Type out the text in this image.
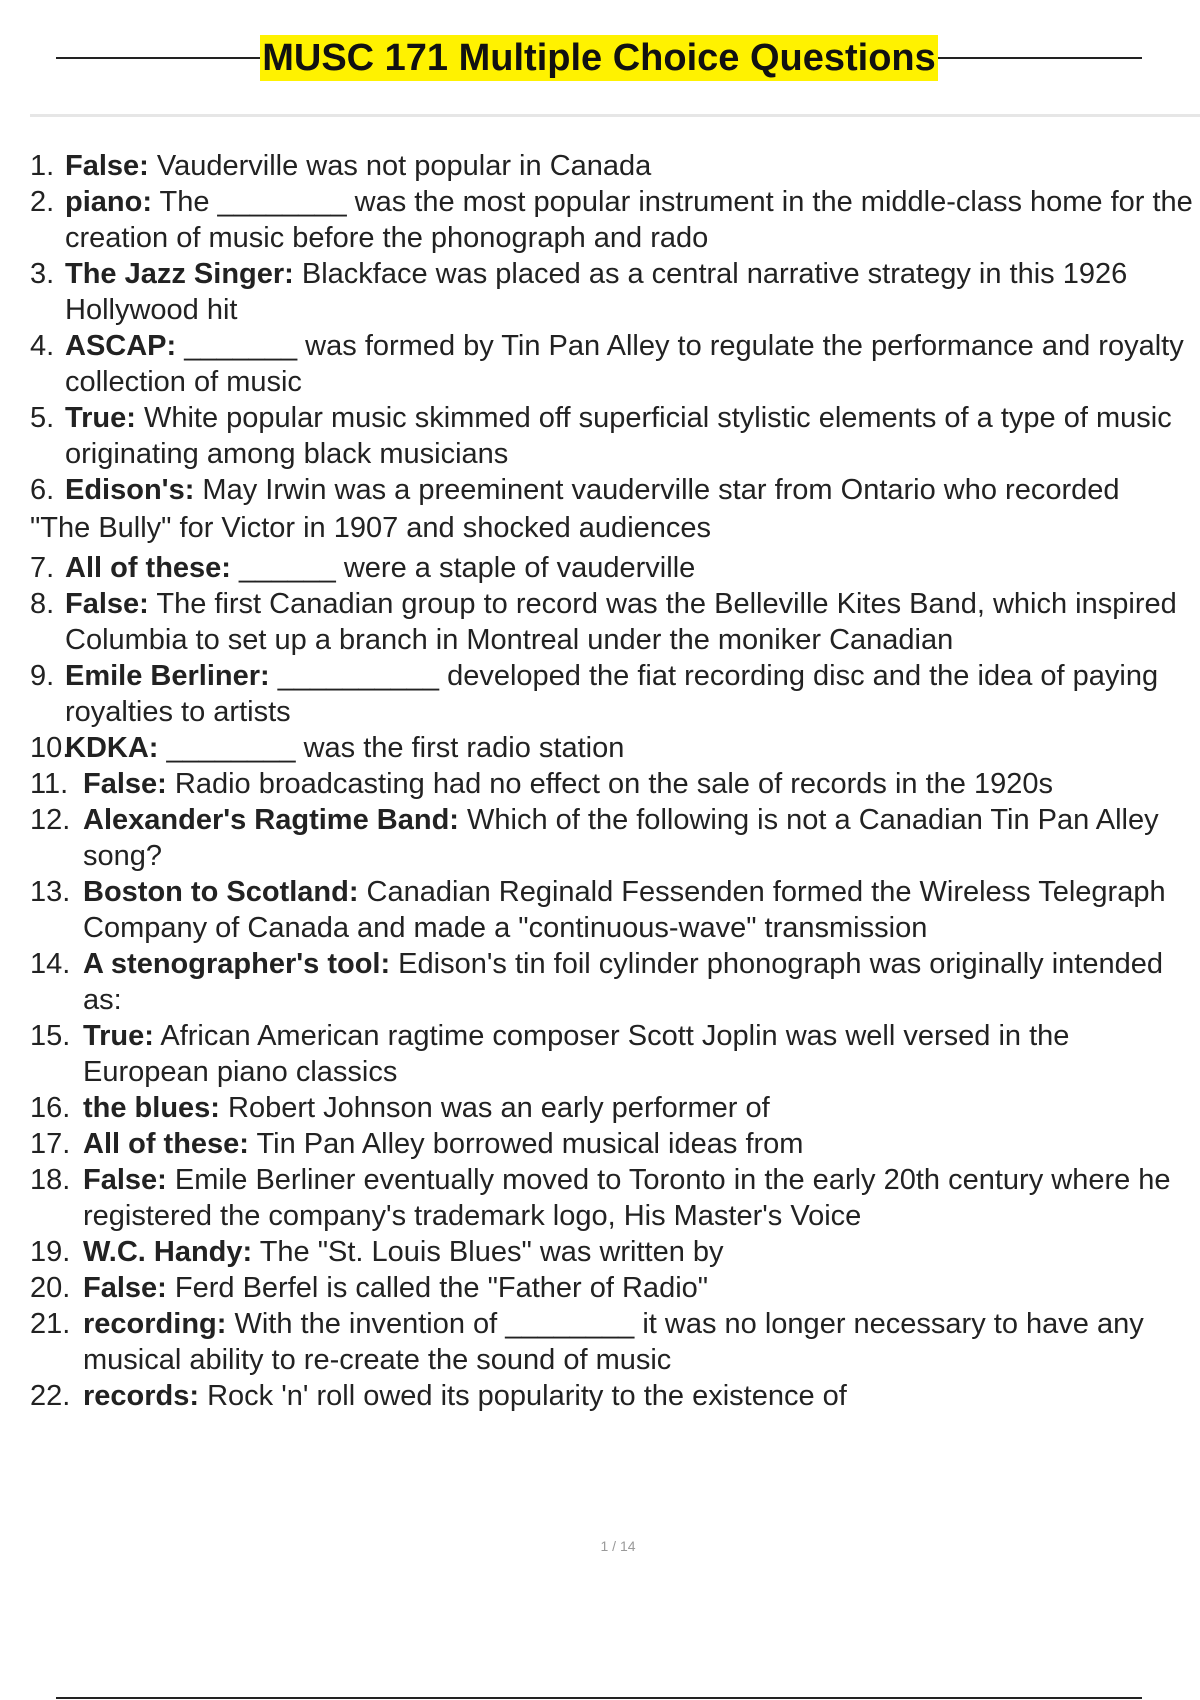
MUSC 171 Multiple Choice Questions
1. False: Vauderville was not popular in Canada
2. piano: The ________ was the most popular instrument in the middle-class home for the creation of music before the phonograph and rado
3. The Jazz Singer: Blackface was placed as a central narrative strategy in this 1926 Hollywood hit
4. ASCAP: _______ was formed by Tin Pan Alley to regulate the performance and royalty collection of music
5. True: White popular music skimmed off superficial stylistic elements of a type of music originating among black musicians
6. Edison's: May Irwin was a preeminent vauderville star from Ontario who recorded
"The Bully" for Victor in 1907 and shocked audiences
7. All of these: ______ were a staple of vauderville
8. False: The first Canadian group to record was the Belleville Kites Band, which inspired Columbia to set up a branch in Montreal under the moniker Canadian
9. Emile Berliner: __________ developed the fiat recording disc and the idea of paying royalties to artists
10.
KDKA: ________ was the first radio station
11. False: Radio broadcasting had no effect on the sale of records in the 1920s
12. Alexander's Ragtime Band: Which of the following is not a Canadian Tin Pan Alley song?
13. Boston to Scotland: Canadian Reginald Fessenden formed the Wireless Telegraph Company of Canada and made a "continuous-wave" transmission
14. A stenographer's tool: Edison's tin foil cylinder phonograph was originally intended as:
15. True: African American ragtime composer Scott Joplin was well versed in the European piano classics
16. the blues: Robert Johnson was an early performer of
17. All of these: Tin Pan Alley borrowed musical ideas from
18. False: Emile Berliner eventually moved to Toronto in the early 20th century where he registered the company's trademark logo, His Master's Voice
19. W.C. Handy: The "St. Louis Blues" was written by
20. False: Ferd Berfel is called the "Father of Radio"
21. recording: With the invention of ________ it was no longer necessary to have any musical ability to re-create the sound of music
22. records: Rock 'n' roll owed its popularity to the existence of
1 / 14
